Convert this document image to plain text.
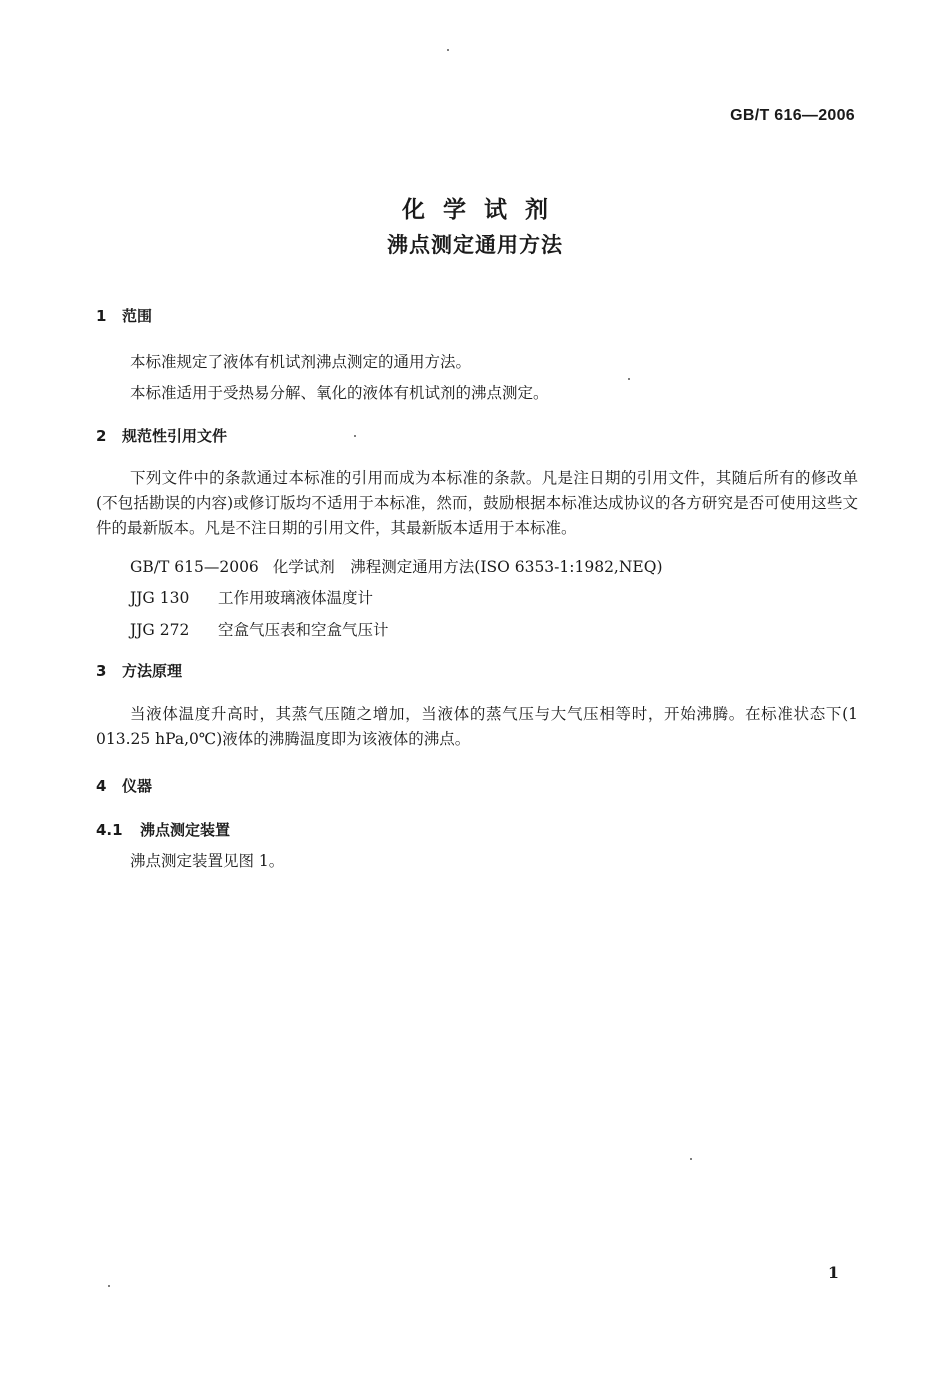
GB/T 616—2006
化学试剂
沸点测定通用方法
1 范围
本标准规定了液体有机试剂沸点测定的通用方法。
本标准适用于受热易分解、氧化的液体有机试剂的沸点测定。
2 规范性引用文件
下列文件中的条款通过本标准的引用而成为本标准的条款。凡是注日期的引用文件，其随后所有的修改单(不包括勘误的内容)或修订版均不适用于本标准，然而，鼓励根据本标准达成协议的各方研究是否可使用这些文件的最新版本。凡是不注日期的引用文件，其最新版本适用于本标准。
GB/T 615—2006 化学试剂　沸程测定通用方法(ISO 6353-1:1982,NEQ)
JJG 130 工作用玻璃液体温度计
JJG 272 空盒气压表和空盒气压计
3 方法原理
当液体温度升高时，其蒸气压随之增加，当液体的蒸气压与大气压相等时，开始沸腾。在标准状态下(1 013.25 hPa,0℃)液体的沸腾温度即为该液体的沸点。
4 仪器
4.1 沸点测定装置
沸点测定装置见图 1。
1
